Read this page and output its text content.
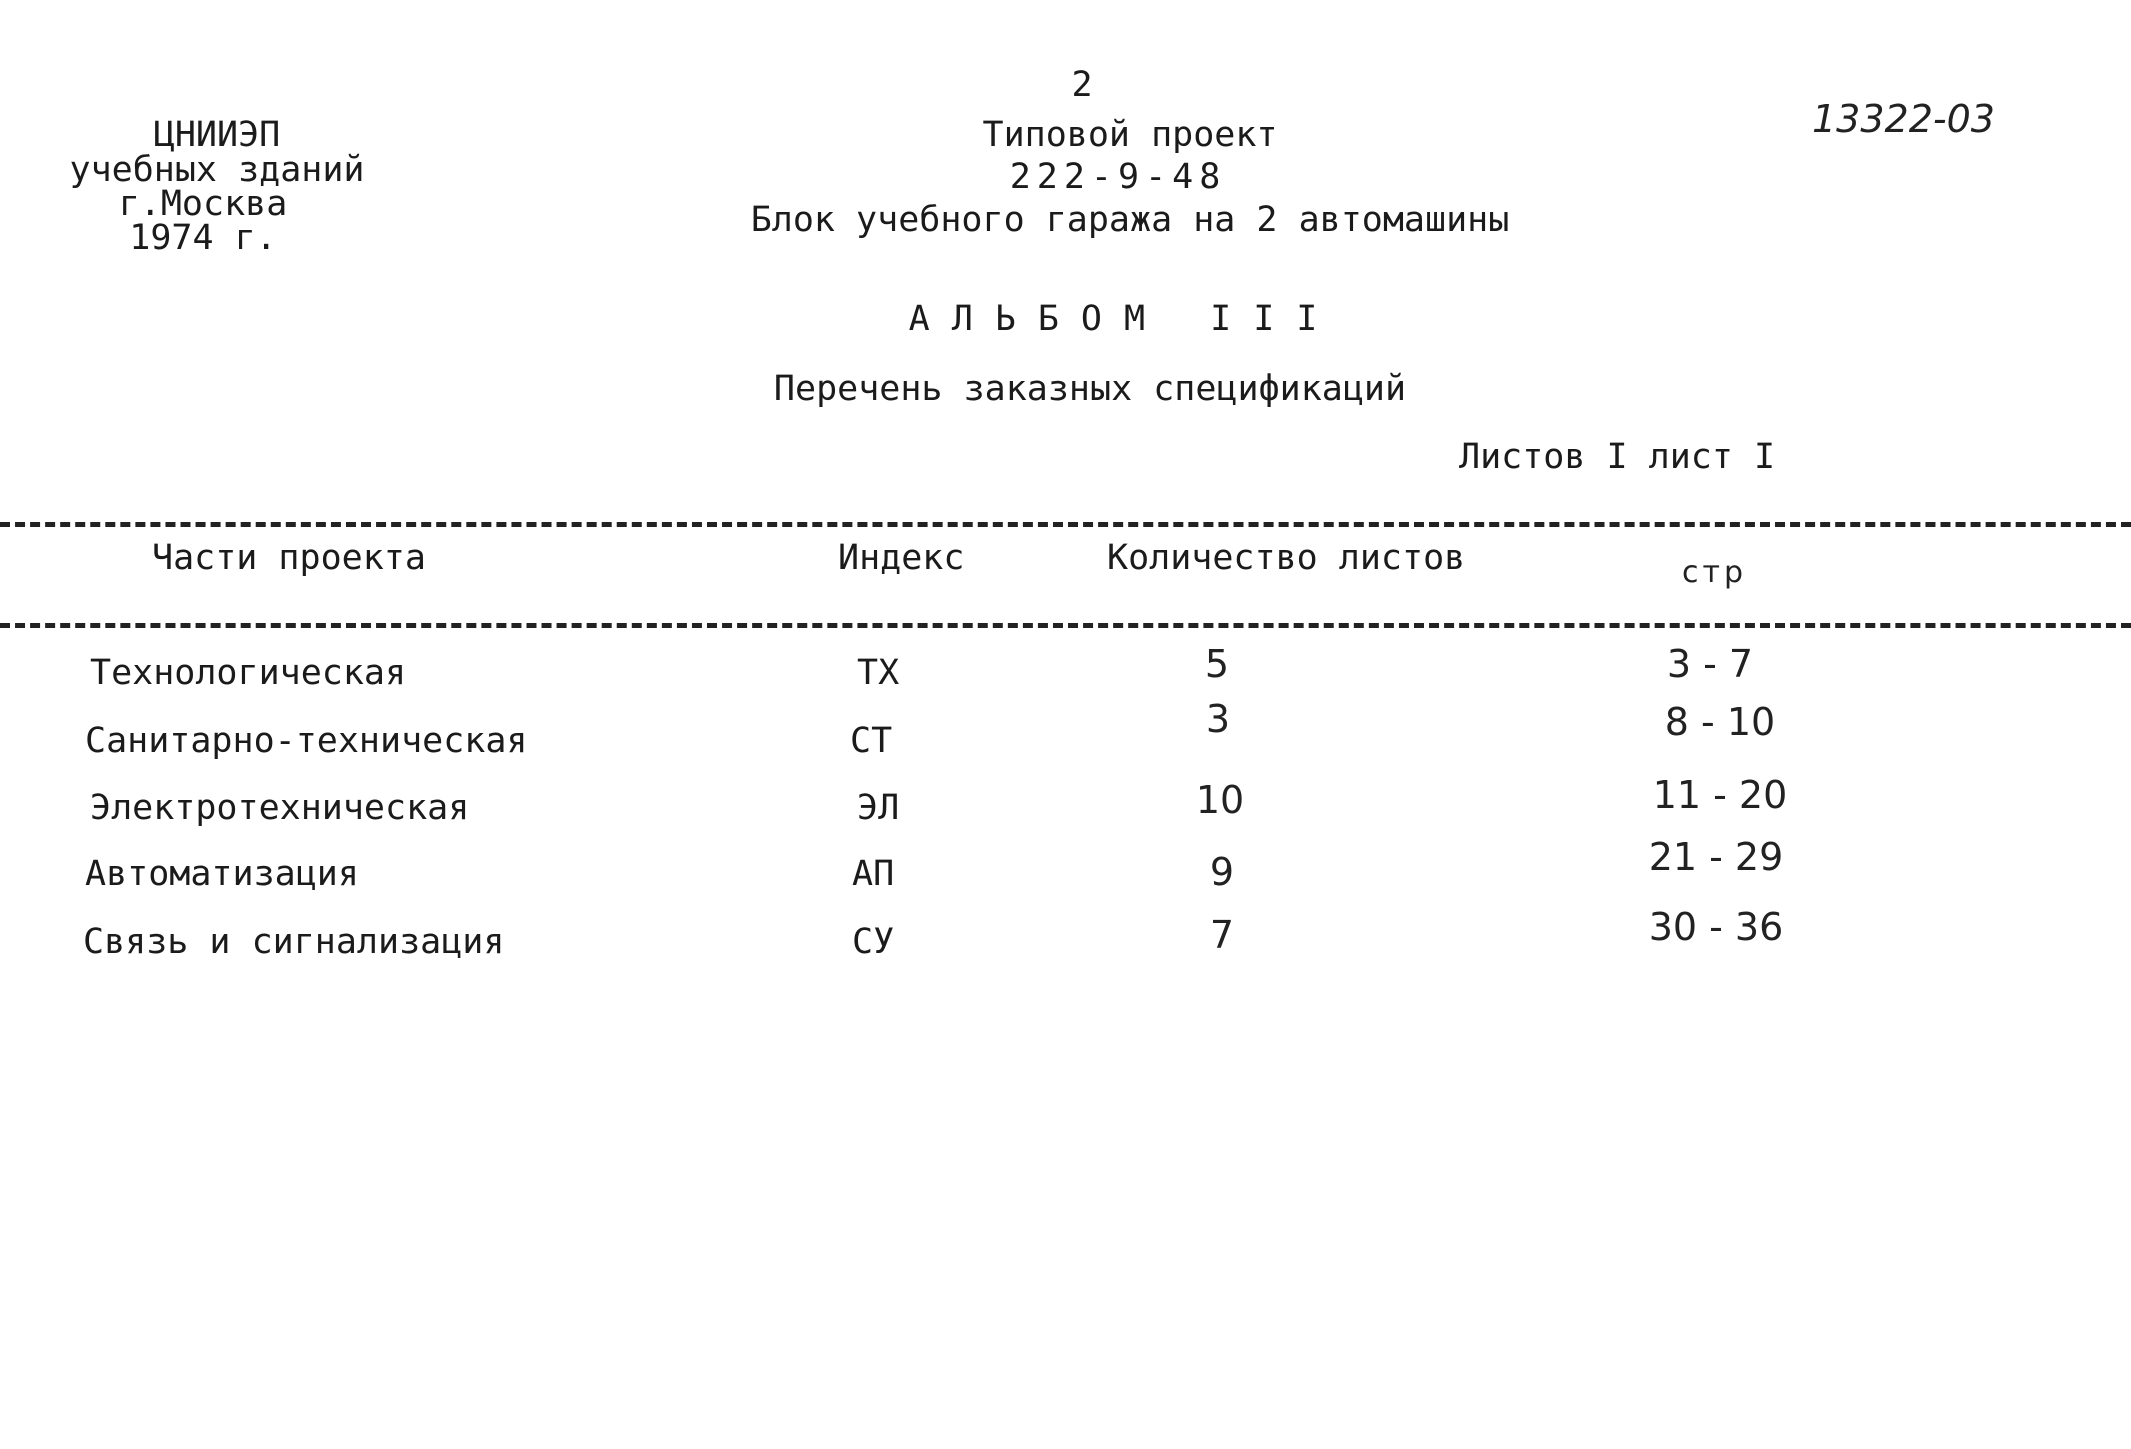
2
ЦНИИЭП
учебных зданий
г.Москва
1974 г.
Типовой проект
222-9-48
Блок учебного гаража на 2 автомашины
13322-03
АЛЬБОМ III
Перечень заказных спецификаций
Листов I лист I
Части проекта	Индекс	Количество листов	стр
Технологическая	ТХ	5	3 - 7
Санитарно-техническая	СТ	3	8 - 10
Электротехническая	ЭЛ	10	11 - 20
Автоматизация	АП	9	21 - 29
Связь и сигнализация	СУ	7	30 - 36
